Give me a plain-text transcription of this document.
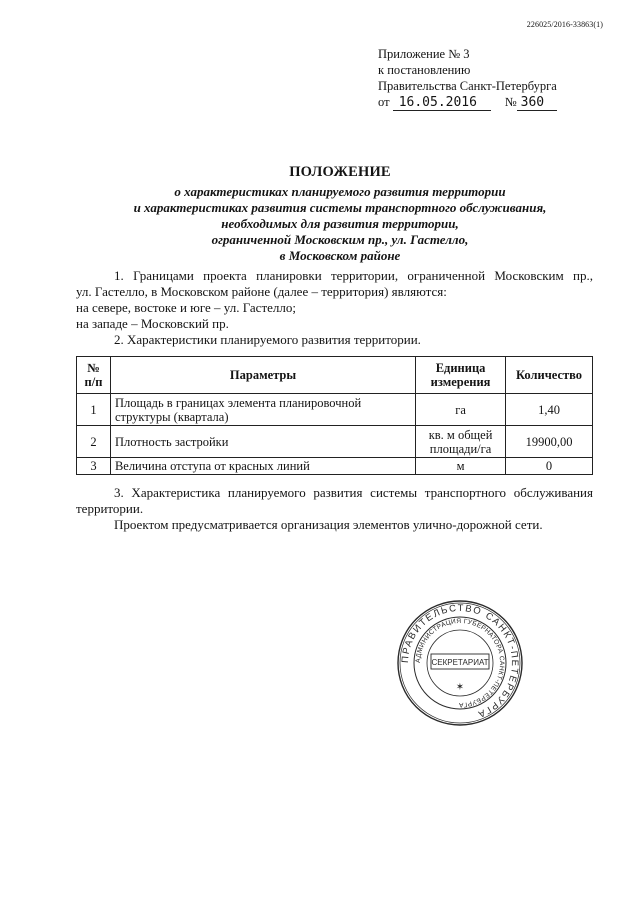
226025/2016-33863(1)
Приложение № 3
к постановлению
Правительства Санкт-Петербурга
от 16.05.2016 № 360
ПОЛОЖЕНИЕ
о характеристиках планируемого развития территории
и характеристиках развития системы транспортного обслуживания,
необходимых для развития территории,
ограниченной Московским пр., ул. Гастелло,
в Московском районе
1. Границами проекта планировки территории, ограниченной Московским пр.,
ул. Гастелло, в Московском районе (далее – территория) являются:
на севере, востоке и юге – ул. Гастелло;
на западе – Московский пр.
2. Характеристики планируемого развития территории.
№ п/п	Параметры	Единица измерения	Количество
1	Площадь в границах элемента планировочной структуры (квартала)	га	1,40
2	Плотность застройки	кв. м общей площади/га	19900,00
3	Величина отступа от красных линий	м	0
3. Характеристика планируемого развития системы транспортного обслуживания
территории.
Проектом предусматривается организация элементов улично-дорожной сети.
ПРАВИТЕЛЬСТВО САНКТ-ПЕТЕРБУРГА
АДМИНИСТРАЦИЯ ГУБЕРНАТОРА САНКТ-ПЕТЕРБУРГА
СЕКРЕТАРИАТ
✶
